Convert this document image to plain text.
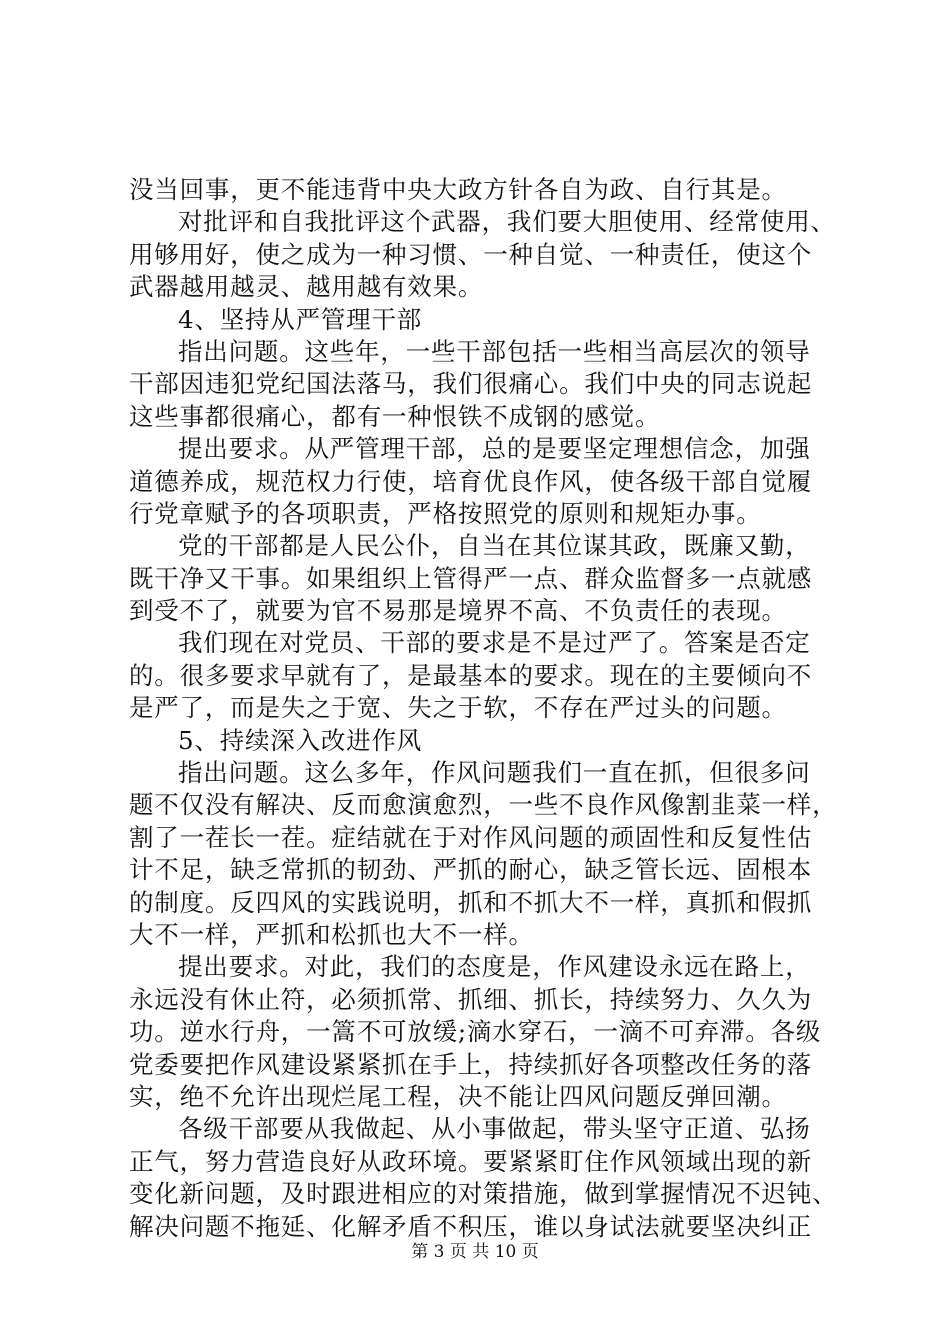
没当回事，更不能违背中央大政方针各自为政、自行其是。
对批评和自我批评这个武器，我们要大胆使用、经常使用、
用够用好，使之成为一种习惯、一种自觉、一种责任，使这个
武器越用越灵、越用越有效果。
4、坚持从严管理干部
指出问题。这些年，一些干部包括一些相当高层次的领导
干部因违犯党纪国法落马，我们很痛心。我们中央的同志说起
这些事都很痛心，都有一种恨铁不成钢的感觉。
提出要求。从严管理干部，总的是要坚定理想信念，加强
道德养成，规范权力行使，培育优良作风，使各级干部自觉履
行党章赋予的各项职责，严格按照党的原则和规矩办事。
党的干部都是人民公仆，自当在其位谋其政，既廉又勤，
既干净又干事。如果组织上管得严一点、群众监督多一点就感
到受不了，就要为官不易那是境界不高、不负责任的表现。
我们现在对党员、干部的要求是不是过严了。答案是否定
的。很多要求早就有了，是最基本的要求。现在的主要倾向不
是严了，而是失之于宽、失之于软，不存在严过头的问题。
5、持续深入改进作风
指出问题。这么多年，作风问题我们一直在抓，但很多问
题不仅没有解决、反而愈演愈烈，一些不良作风像割韭菜一样，
割了一茬长一茬。症结就在于对作风问题的顽固性和反复性估
计不足，缺乏常抓的韧劲、严抓的耐心，缺乏管长远、固根本
的制度。反四风的实践说明，抓和不抓大不一样，真抓和假抓
大不一样，严抓和松抓也大不一样。
提出要求。对此，我们的态度是，作风建设永远在路上，
永远没有休止符，必须抓常、抓细、抓长，持续努力、久久为
功。逆水行舟，一篙不可放缓;滴水穿石，一滴不可弃滞。各级
党委要把作风建设紧紧抓在手上，持续抓好各项整改任务的落
实，绝不允许出现烂尾工程，决不能让四风问题反弹回潮。
各级干部要从我做起、从小事做起，带头坚守正道、弘扬
正气，努力营造良好从政环境。要紧紧盯住作风领域出现的新
变化新问题，及时跟进相应的对策措施，做到掌握情况不迟钝、
解决问题不拖延、化解矛盾不积压，谁以身试法就要坚决纠正
第 3 页 共 10 页
